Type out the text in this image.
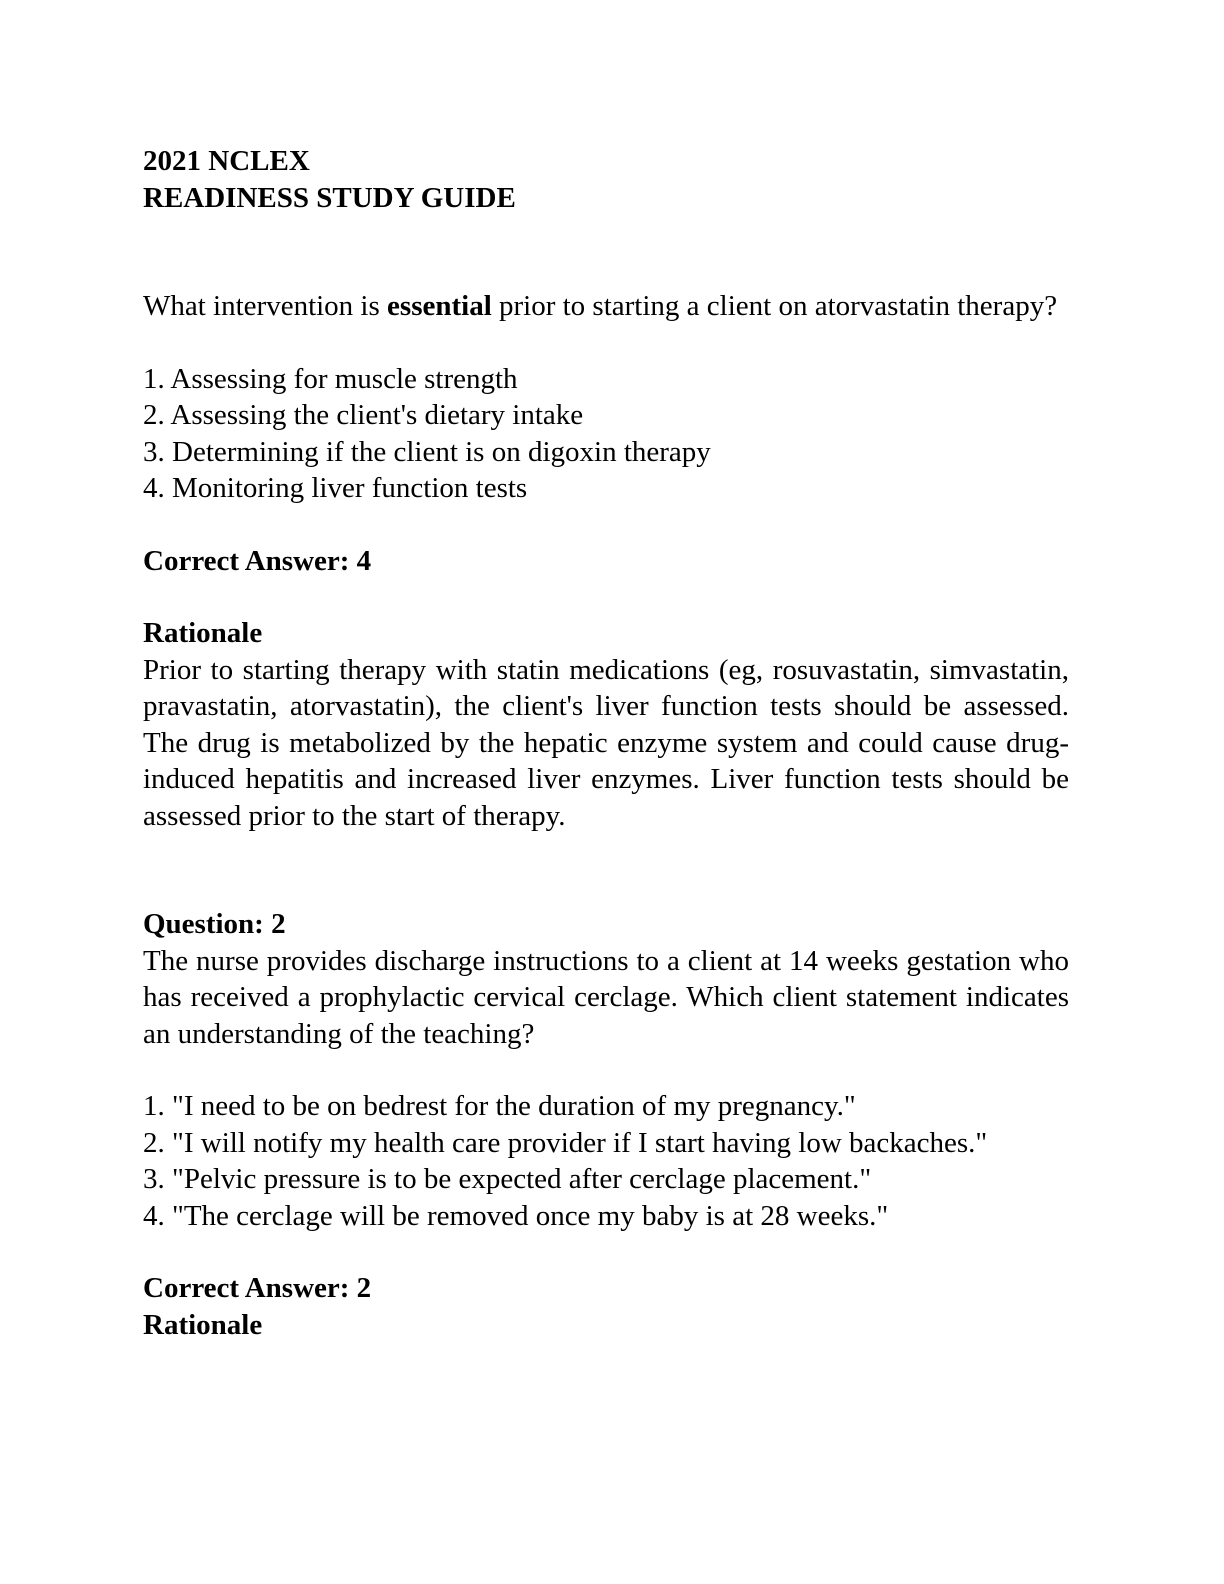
2021 NCLEX

READINESS STUDY GUIDE

What intervention is essential prior to starting a client on atorvastatin therapy?

1. Assessing for muscle strength
2. Assessing the client's dietary intake
3. Determining if the client is on digoxin therapy
4. Monitoring liver function tests

Correct Answer: 4

Rationale

Prior to starting therapy with statin medications (eg, rosuvastatin, simvastatin, pravastatin, atorvastatin), the client's liver function tests should be assessed. The drug is metabolized by the hepatic enzyme system and could cause drug-induced hepatitis and increased liver enzymes. Liver function tests should be assessed prior to the start of therapy.

Question: 2

The nurse provides discharge instructions to a client at 14 weeks gestation who has received a prophylactic cervical cerclage. Which client statement indicates an understanding of the teaching?

1. "I need to be on bedrest for the duration of my pregnancy."
2. "I will notify my health care provider if I start having low backaches."
3. "Pelvic pressure is to be expected after cerclage placement."
4. "The cerclage will be removed once my baby is at 28 weeks."

Correct Answer: 2

Rationale
